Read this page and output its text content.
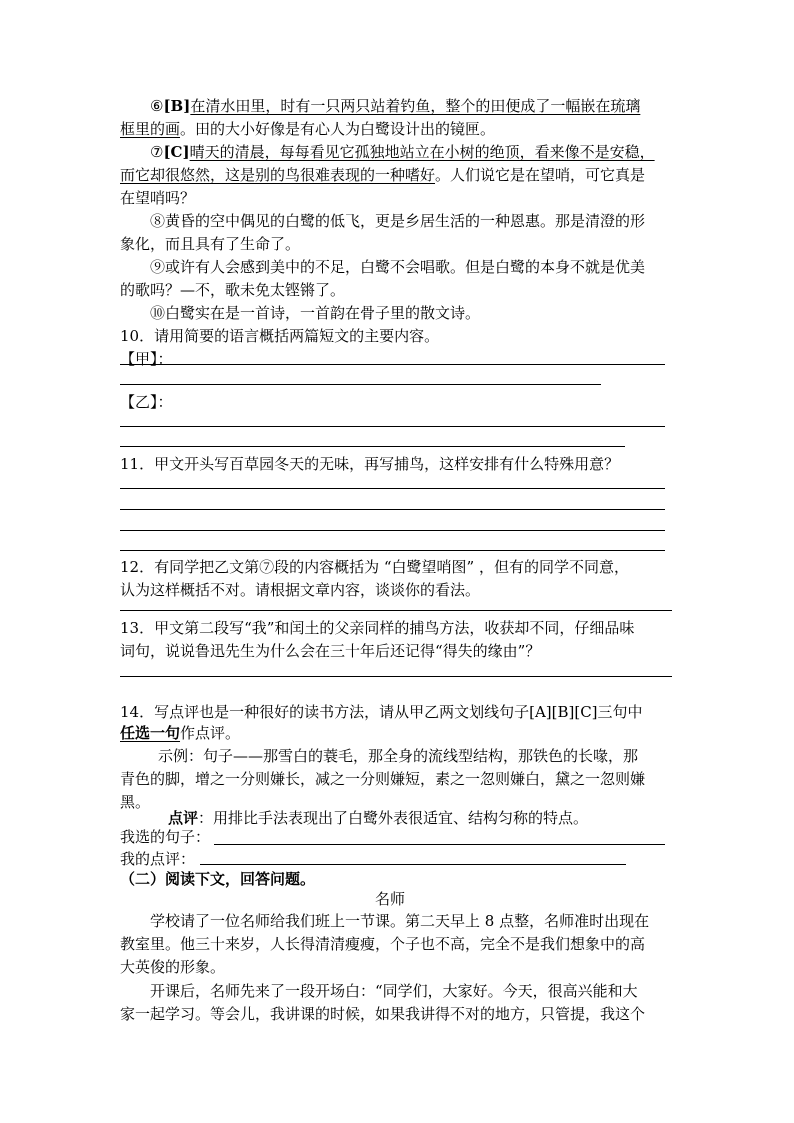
⑥[B]在清水田里，时有一只两只站着钓鱼，整个的田便成了一幅嵌在琉璃
框里的画。田的大小好像是有心人为白鹭设计出的镜匣。
⑦[C]晴天的清晨，每每看见它孤独地站立在小树的绝顶，看来像不是安稳，
而它却很悠然，这是别的鸟很难表现的一种嗜好。人们说它是在望哨，可它真是
在望哨吗？
⑧黄昏的空中偶见的白鹭的低飞，更是乡居生活的一种恩惠。那是清澄的形
象化，而且具有了生命了。
⑨或许有人会感到美中的不足，白鹭不会唱歌。但是白鹭的本身不就是优美
的歌吗？—不，歌未免太铿锵了。
⑩白鹭实在是一首诗，一首韵在骨子里的散文诗。
10．请用简要的语言概括两篇短文的主要内容。
【甲】：
【乙】：
11．甲文开头写百草园冬天的无味，再写捕鸟，这样安排有什么特殊用意？
12．有同学把乙文第⑦段的内容概括为 “白鹭望哨图” ，但有的同学不同意，
认为这样概括不对。请根据文章内容，谈谈你的看法。
13．甲文第二段写“我”和闰土的父亲同样的捕鸟方法，收获却不同，仔细品味
词句，说说鲁迅先生为什么会在三十年后还记得“得失的缘由”？
14．写点评也是一种很好的读书方法，请从甲乙两文划线句子[A][B][C]三句中
任选一句作点评。
示例：句子——那雪白的蓑毛，那全身的流线型结构，那铁色的长喙，那
青色的脚，增之一分则嫌长，减之一分则嫌短，素之一忽则嫌白，黛之一忽则嫌
黑。
点评：用排比手法表现出了白鹭外表很适宜、结构匀称的特点。
我选的句子：
我的点评：
（二）阅读下文，回答问题。
名师
学校请了一位名师给我们班上一节课。第二天早上 8 点整，名师准时出现在
教室里。他三十来岁，人长得清清瘦瘦，个子也不高，完全不是我们想象中的高
大英俊的形象。
开课后，名师先来了一段开场白：“同学们，大家好。今天，很高兴能和大
家一起学习。等会儿，我讲课的时候，如果我讲得不对的地方，只管提，我这个
